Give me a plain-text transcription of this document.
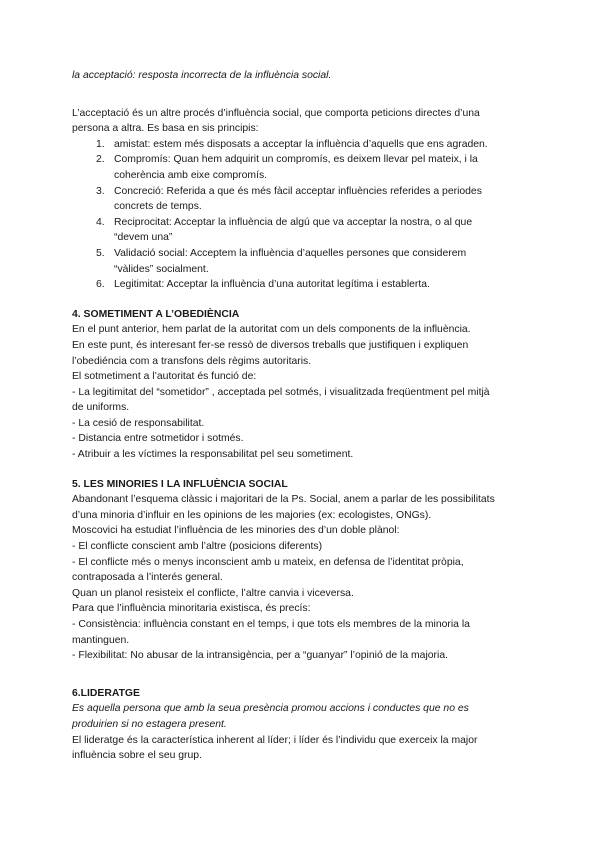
la acceptació: resposta incorrecta de la influència social.

L’acceptació és un altre procés d’influència social, que comporta peticions directes d’una

persona a altra. Es basa en sis principis:

1. amistat: estem més disposats a acceptar la influència d’aquells que ens agraden.
2. Compromís: Quan hem adquirit un compromís, es deixem llevar pel mateix, i la
coherència amb eixe compromís.
3. Concreció: Referida a que és més fàcil acceptar influències referides a periodes
concrets de temps.
4. Reciprocitat: Acceptar la influència de algú que va acceptar la nostra, o al que
“devem una”
5. Validació social: Acceptem la influència d’aquelles persones que considerem
“vàlides” socialment.
6. Legitimitat: Acceptar la influència d’una autoritat legítima i establerta.

4. SOMETIMENT A L’OBEDIÈNCIA

En el punt anterior, hem parlat de la autoritat com un dels components de la influència.

En este punt, és interesant fer-se ressò de diversos treballs que justifiquen i expliquen

l’obediéncia com a transfons dels règims autoritaris.

El sotmetiment a l’autoritat és funció de:

- La legitimitat del “sometidor” , acceptada pel sotmés, i visualitzada freqüentment pel mitjà

de uniforms.

- La cesió de responsabilitat.

- Distancia entre sotmetidor i sotmés.

- Atribuir a les víctimes la responsabilitat pel seu sometiment.

5. LES MINORIES I LA INFLUÈNCIA SOCIAL

Abandonant l’esquema clàssic i majoritari de la Ps. Social, anem a parlar de les possibilitats

d’una minoria d’influir en les opinions de les majories (ex: ecologistes, ONGs).

Moscovici ha estudiat l’influència de les minories des d’un doble plànol:

- El conflicte conscient amb l’altre (posicions diferents)

- El conflicte més o menys inconscient amb u mateix, en defensa de l’identitat pròpia,

contraposada a l’interés general.

Quan un planol resisteix el conflicte, l’altre canvia i viceversa.

Para que l’influència minoritaria existisca, és precís:

- Consistència: influència constant en el temps, i que tots els membres de la minoria la

mantinguen.

- Flexibilitat: No abusar de la intransigència, per a “guanyar” l’opinió de la majoria.

6.LIDERATGE

Es aquella persona que amb la seua presència promou accions i conductes que no es

produirien si no estagera present.

El lideratge és la característica inherent al líder; i líder és l’individu que exerceix la major

influència sobre el seu grup.
